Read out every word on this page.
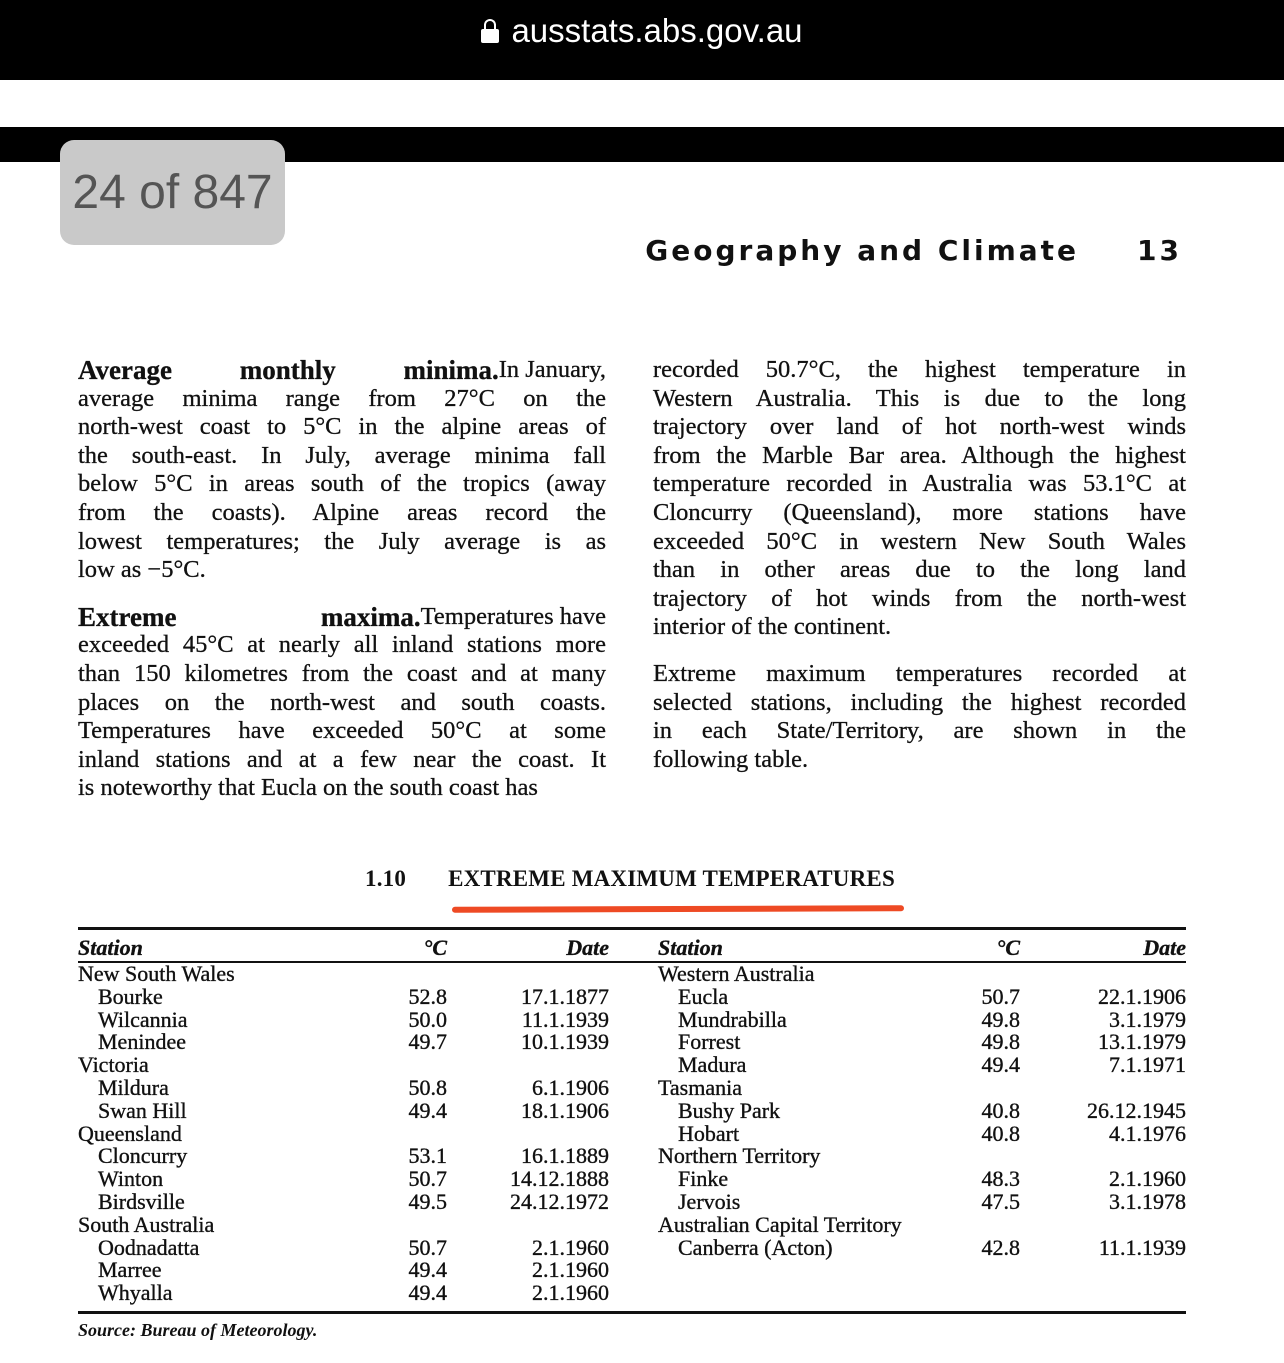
ausstats.abs.gov.au
24 of 847
Geography and Climate 13
Average monthly minima. In January,
average minima range from 27°C on the
north-west coast to 5°C in the alpine areas of
the south-east. In July, average minima fall
below 5°C in areas south of the tropics (away
from the coasts). Alpine areas record the
lowest temperatures; the July average is as
low as −5°C.
Extreme maxima. Temperatures have
exceeded 45°C at nearly all inland stations more
than 150 kilometres from the coast and at many
places on the north-west and south coasts.
Temperatures have exceeded 50°C at some
inland stations and at a few near the coast. It
is noteworthy that Eucla on the south coast has
recorded 50.7°C, the highest temperature in
Western Australia. This is due to the long
trajectory over land of hot north-west winds
from the Marble Bar area. Although the highest
temperature recorded in Australia was 53.1°C at
Cloncurry (Queensland), more stations have
exceeded 50°C in western New South Wales
than in other areas due to the long land
trajectory of hot winds from the north-west
interior of the continent.
Extreme maximum temperatures recorded at
selected stations, including the highest recorded
in each State/Territory, are shown in the
following table.
1.10 EXTREME MAXIMUM TEMPERATURES
Station	°C	Date
New South Wales		
Bourke	52.8	17.1.1877
Wilcannia	50.0	11.1.1939
Menindee	49.7	10.1.1939
Victoria		
Mildura	50.8	6.1.1906
Swan Hill	49.4	18.1.1906
Queensland		
Cloncurry	53.1	16.1.1889
Winton	50.7	14.12.1888
Birdsville	49.5	24.12.1972
South Australia		
Oodnadatta	50.7	2.1.1960
Marree	49.4	2.1.1960
Whyalla	49.4	2.1.1960
Station	°C	Date
Western Australia		
Eucla	50.7	22.1.1906
Mundrabilla	49.8	3.1.1979
Forrest	49.8	13.1.1979
Madura	49.4	7.1.1971
Tasmania		
Bushy Park	40.8	26.12.1945
Hobart	40.8	4.1.1976
Northern Territory		
Finke	48.3	2.1.1960
Jervois	47.5	3.1.1978
Australian Capital Territory		
Canberra (Acton)	42.8	11.1.1939
Source: Bureau of Meteorology.
